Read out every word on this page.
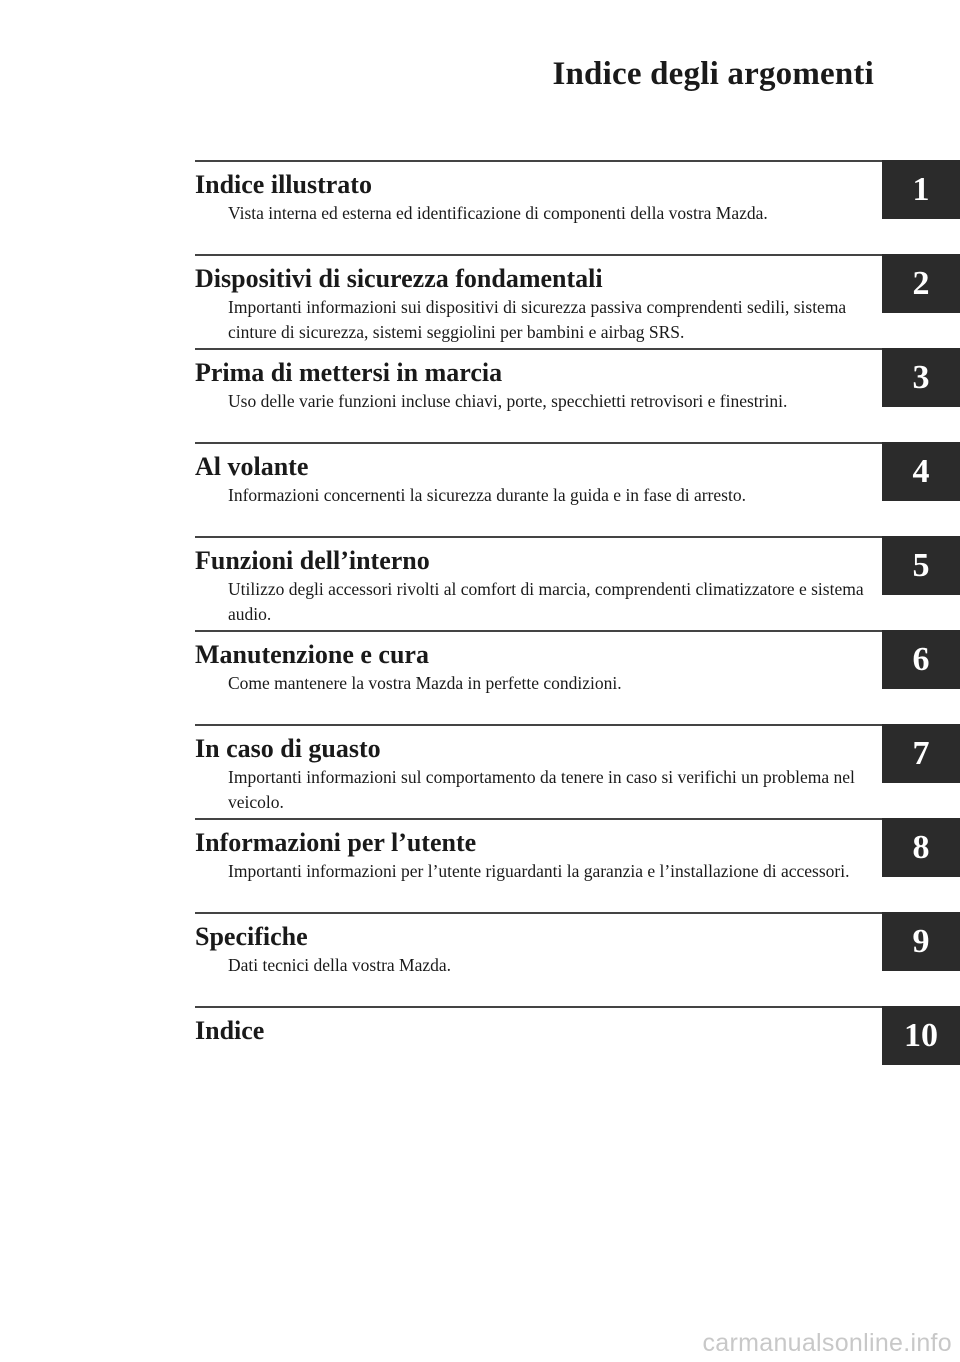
Indice degli argomenti
Indice illustrato

Vista interna ed esterna ed identificazione di componenti della vostra Mazda.

1
Dispositivi di sicurezza fondamentali

Importanti informazioni sui dispositivi di sicurezza passiva comprendenti sedili, sistema cinture di sicurezza, sistemi seggiolini per bambini e airbag SRS.

2
Prima di mettersi in marcia

Uso delle varie funzioni incluse chiavi, porte, specchietti retrovisori e finestrini.

3
Al volante

Informazioni concernenti la sicurezza durante la guida e in fase di arresto.

4
Funzioni dell’interno

Utilizzo degli accessori rivolti al comfort di marcia, comprendenti climatizzatore e sistema audio.

5
Manutenzione e cura

Come mantenere la vostra Mazda in perfette condizioni.

6
In caso di guasto

Importanti informazioni sul comportamento da tenere in caso si verifichi un problema nel veicolo.

7
Informazioni per l’utente

Importanti informazioni per l’utente riguardanti la garanzia e l’installazione di accessori.

8
Specifiche

Dati tecnici della vostra Mazda.

9
Indice	10
carmanualsonline.info
